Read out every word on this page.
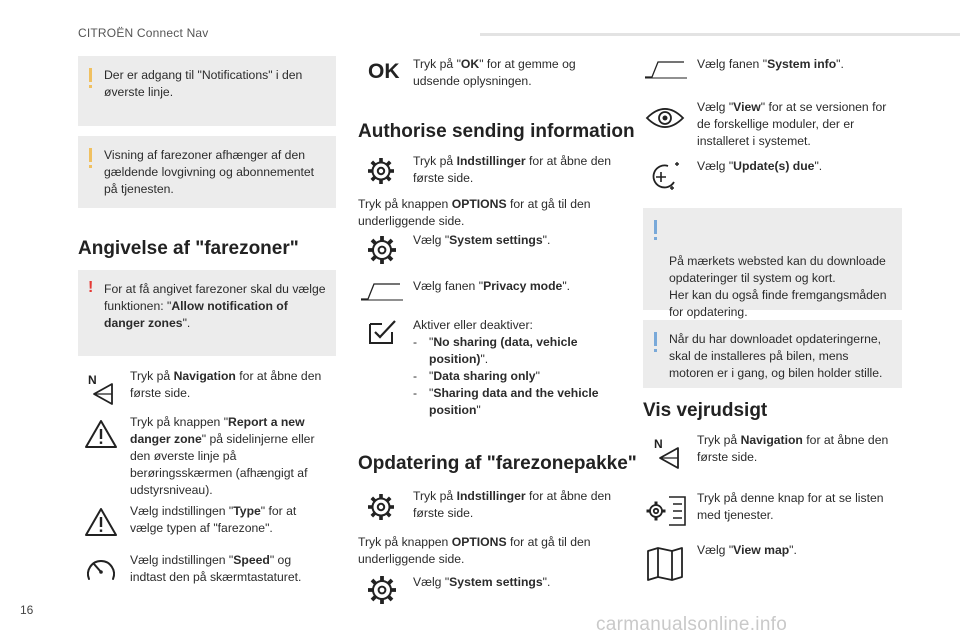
CITROËN Connect Nav
Der er adgang til "Notifications" i den øverste linje.
Visning af farezoner afhænger af den gældende lovgivning og abonnementet på tjenesten.
Angivelse af "farezoner"
! For at få angivet farezoner skal du vælge funktionen: "Allow notification of danger zones".
N	Tryk på Navigation for at åbne den første side.
Tryk på knappen "Report a new danger zone" på sidelinjerne eller den øverste linje på berøringsskærmen (afhængigt af udstyrsniveau).
Vælg indstillingen "Type" for at vælge typen af "farezone".
Vælg indstillingen "Speed" og indtast den på skærmtastaturet.
OK Tryk på "OK" for at gemme og udsende oplysningen.
Authorise sending information
Tryk på Indstillinger for at åbne den første side.
Tryk på knappen OPTIONS for at gå til den underliggende side.
Vælg "System settings".
Vælg fanen "Privacy mode".
Aktiver eller deaktiver:
- "No sharing (data, vehicle position)".
- "Data sharing only"
- "Sharing data and the vehicle position"
Opdatering af "farezonepakke"
Tryk på Indstillinger for at åbne den første side.
Tryk på knappen OPTIONS for at gå til den underliggende side.
Vælg "System settings".
Vælg fanen "System info".
Vælg "View" for at se versionen for de forskellige moduler, der er installeret i systemet.
Vælg "Update(s) due".

På mærkets websted kan du downloade opdateringer til system og kort.
Her kan du også finde fremgangsmåden for opdatering.

Når du har downloadet opdateringerne, skal de installeres på bilen, mens motoren er i gang, og bilen holder stille.
Vis vejrudsigt
N	Tryk på Navigation for at åbne den første side.
Tryk på denne knap for at se listen med tjenester.
Vælg "View map".
16
carmanualsonline.info
